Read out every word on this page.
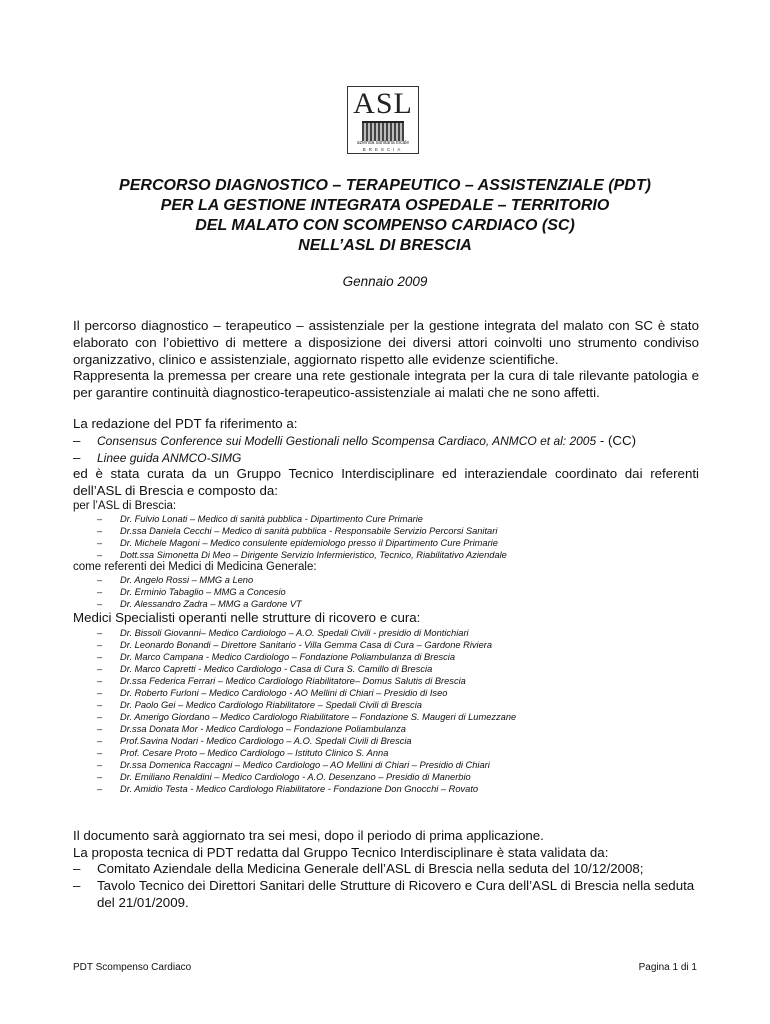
ASL
azienda sanitaria locale
BRESCIA
PERCORSO DIAGNOSTICO – TERAPEUTICO – ASSISTENZIALE (PDT)
PER LA GESTIONE INTEGRATA OSPEDALE – TERRITORIO
DEL MALATO CON SCOMPENSO CARDIACO (SC)
NELL’ASL DI BRESCIA
Gennaio 2009
Il percorso diagnostico – terapeutico – assistenziale per la gestione integrata del malato con SC è stato elaborato con l’obiettivo di mettere a disposizione dei diversi attori coinvolti uno strumento condiviso organizzativo, clinico e assistenziale, aggiornato rispetto alle evidenze scientifiche.
Rappresenta la premessa per creare una rete gestionale integrata per la cura di tale rilevante patologia e per garantire continuità diagnostico-terapeutico-assistenziale ai malati che ne sono affetti.
La redazione del PDT fa riferimento a:
– Consensus Conference sui Modelli Gestionali nello Scompensa Cardiaco, ANMCO et al: 2005 - (CC)
– Linee guida ANMCO-SIMG
ed è stata curata da un Gruppo Tecnico Interdisciplinare ed interaziendale coordinato dai referenti dell’ASL di Brescia e composto da:
per l’ASL di Brescia:
– Dr. Fulvio Lonati – Medico di sanità pubblica - Dipartimento Cure Primarie
– Dr.ssa Daniela Cecchi – Medico di sanità pubblica - Responsabile Servizio Percorsi Sanitari
– Dr. Michele Magoni – Medico consulente epidemiologo presso il Dipartimento Cure Primarie
– Dott.ssa Simonetta Di Meo – Dirigente Servizio Infermieristico, Tecnico, Riabilitativo Aziendale
come referenti dei Medici di Medicina Generale:
– Dr. Angelo Rossi – MMG a Leno
– Dr. Erminio Tabaglio – MMG a Concesio
– Dr. Alessandro Zadra – MMG a Gardone VT
Medici Specialisti operanti nelle strutture di ricovero e cura:
– Dr. Bissoli Giovanni– Medico Cardiologo – A.O. Spedali Civili - presidio di Montichiari
– Dr. Leonardo Bonandi – Direttore Sanitario - Villa Gemma Casa di Cura – Gardone Riviera
– Dr. Marco Campana - Medico Cardiologo – Fondazione Poliambulanza di Brescia
– Dr. Marco Capretti - Medico Cardiologo - Casa di Cura S. Camillo di Brescia
– Dr.ssa Federica Ferrari – Medico Cardiologo Riabilitatore– Domus Salutis di Brescia
– Dr. Roberto Furloni – Medico Cardiologo - AO Mellini di Chiari – Presidio di Iseo
– Dr. Paolo Gei – Medico Cardiologo Riabilitatore – Spedali Civili di Brescia
– Dr. Amerigo Giordano – Medico Cardiologo Riabilitatore – Fondazione S. Maugeri di Lumezzane
– Dr.ssa Donata Mor - Medico Cardiologo – Fondazione Poliambulanza
– Prof.Savina Nodari - Medico Cardiologo – A.O. Spedali Civili di Brescia
– Prof. Cesare Proto – Medico Cardiologo – Istituto Clinico S. Anna
– Dr.ssa Domenica Raccagni – Medico Cardiologo – AO Mellini di Chiari – Presidio di Chiari
– Dr. Emiliano Renaldini – Medico Cardiologo - A.O. Desenzano – Presidio di Manerbio
– Dr. Amidio Testa - Medico Cardiologo Riabilitatore - Fondazione Don Gnocchi – Rovato
Il documento sarà aggiornato tra sei mesi, dopo il periodo di prima applicazione.
La proposta tecnica di PDT redatta dal Gruppo Tecnico Interdisciplinare è stata validata da:
– Comitato Aziendale della Medicina Generale dell’ASL di Brescia nella seduta del 10/12/2008;
– Tavolo Tecnico dei Direttori Sanitari delle Strutture di Ricovero e Cura dell’ASL di Brescia nella seduta del 21/01/2009.
PDT Scompenso Cardiaco	Pagina 1 di 1
